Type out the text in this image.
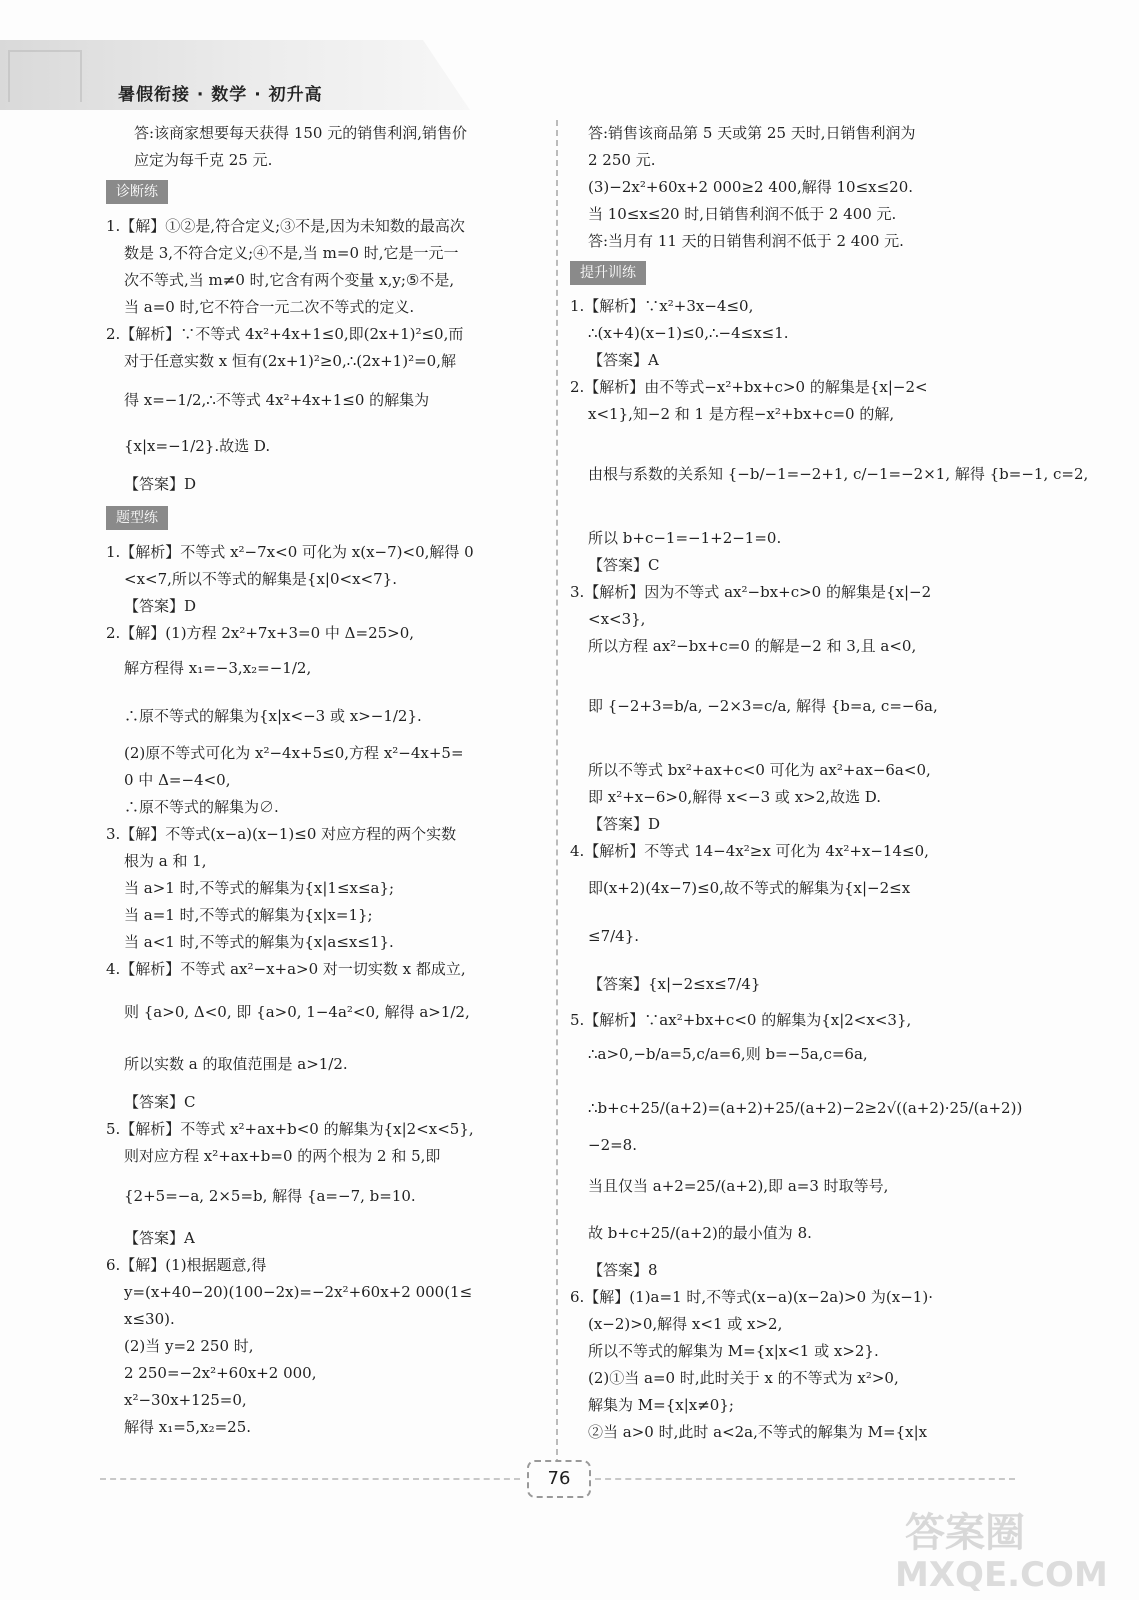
暑假衔接 · 数学 · 初升高
答:该商家想要每天获得 150 元的销售利润,销售价
应定为每千克 25 元.
诊断练
1.【解】①②是,符合定义;③不是,因为未知数的最高次
数是 3,不符合定义;④不是,当 m=0 时,它是一元一
次不等式,当 m≠0 时,它含有两个变量 x,y;⑤不是,
当 a=0 时,它不符合一元二次不等式的定义.
2.【解析】∵不等式 4x²+4x+1≤0,即(2x+1)²≤0,而
对于任意实数 x 恒有(2x+1)²≥0,∴(2x+1)²=0,解
得 x=−1/2,∴不等式 4x²+4x+1≤0 的解集为
{x|x=−1/2}.故选 D.
【答案】D
题型练
1.【解析】不等式 x²−7x<0 可化为 x(x−7)<0,解得 0
<x<7,所以不等式的解集是{x|0<x<7}.
【答案】D
2.【解】(1)方程 2x²+7x+3=0 中 Δ=25>0,
解方程得 x₁=−3,x₂=−1/2,
∴原不等式的解集为{x|x<−3 或 x>−1/2}.
(2)原不等式可化为 x²−4x+5≤0,方程 x²−4x+5=
0 中 Δ=−4<0,
∴原不等式的解集为∅.
3.【解】不等式(x−a)(x−1)≤0 对应方程的两个实数
根为 a 和 1,
当 a>1 时,不等式的解集为{x|1≤x≤a};
当 a=1 时,不等式的解集为{x|x=1};
当 a<1 时,不等式的解集为{x|a≤x≤1}.
4.【解析】不等式 ax²−x+a>0 对一切实数 x 都成立,
则 {a>0, Δ<0, 即 {a>0, 1−4a²<0, 解得 a>1/2,
所以实数 a 的取值范围是 a>1/2.
【答案】C
5.【解析】不等式 x²+ax+b<0 的解集为{x|2<x<5},
则对应方程 x²+ax+b=0 的两个根为 2 和 5,即
{2+5=−a, 2×5=b, 解得 {a=−7, b=10.
【答案】A
6.【解】(1)根据题意,得
y=(x+40−20)(100−2x)=−2x²+60x+2 000(1≤
x≤30).
(2)当 y=2 250 时,
2 250=−2x²+60x+2 000,
x²−30x+125=0,
解得 x₁=5,x₂=25.
答:销售该商品第 5 天或第 25 天时,日销售利润为
2 250 元.
(3)−2x²+60x+2 000≥2 400,解得 10≤x≤20.
当 10≤x≤20 时,日销售利润不低于 2 400 元.
答:当月有 11 天的日销售利润不低于 2 400 元.
提升训练
1.【解析】∵x²+3x−4≤0,
∴(x+4)(x−1)≤0,∴−4≤x≤1.
【答案】A
2.【解析】由不等式−x²+bx+c>0 的解集是{x|−2<
x<1},知−2 和 1 是方程−x²+bx+c=0 的解,
由根与系数的关系知 {−b/−1=−2+1, c/−1=−2×1, 解得 {b=−1, c=2,
所以 b+c−1=−1+2−1=0.
【答案】C
3.【解析】因为不等式 ax²−bx+c>0 的解集是{x|−2
<x<3},
所以方程 ax²−bx+c=0 的解是−2 和 3,且 a<0,
即 {−2+3=b/a, −2×3=c/a, 解得 {b=a, c=−6a,
所以不等式 bx²+ax+c<0 可化为 ax²+ax−6a<0,
即 x²+x−6>0,解得 x<−3 或 x>2,故选 D.
【答案】D
4.【解析】不等式 14−4x²≥x 可化为 4x²+x−14≤0,
即(x+2)(4x−7)≤0,故不等式的解集为{x|−2≤x
≤7/4}.
【答案】{x|−2≤x≤7/4}
5.【解析】∵ax²+bx+c<0 的解集为{x|2<x<3},
∴a>0,−b/a=5,c/a=6,则 b=−5a,c=6a,
∴b+c+25/(a+2)=(a+2)+25/(a+2)−2≥2√((a+2)·25/(a+2))
−2=8.
当且仅当 a+2=25/(a+2),即 a=3 时取等号,
故 b+c+25/(a+2)的最小值为 8.
【答案】8
6.【解】(1)a=1 时,不等式(x−a)(x−2a)>0 为(x−1)·
(x−2)>0,解得 x<1 或 x>2,
所以不等式的解集为 M={x|x<1 或 x>2}.
(2)①当 a=0 时,此时关于 x 的不等式为 x²>0,
解集为 M={x|x≠0};
②当 a>0 时,此时 a<2a,不等式的解集为 M={x|x
76
答案圈
MXQE.COM
